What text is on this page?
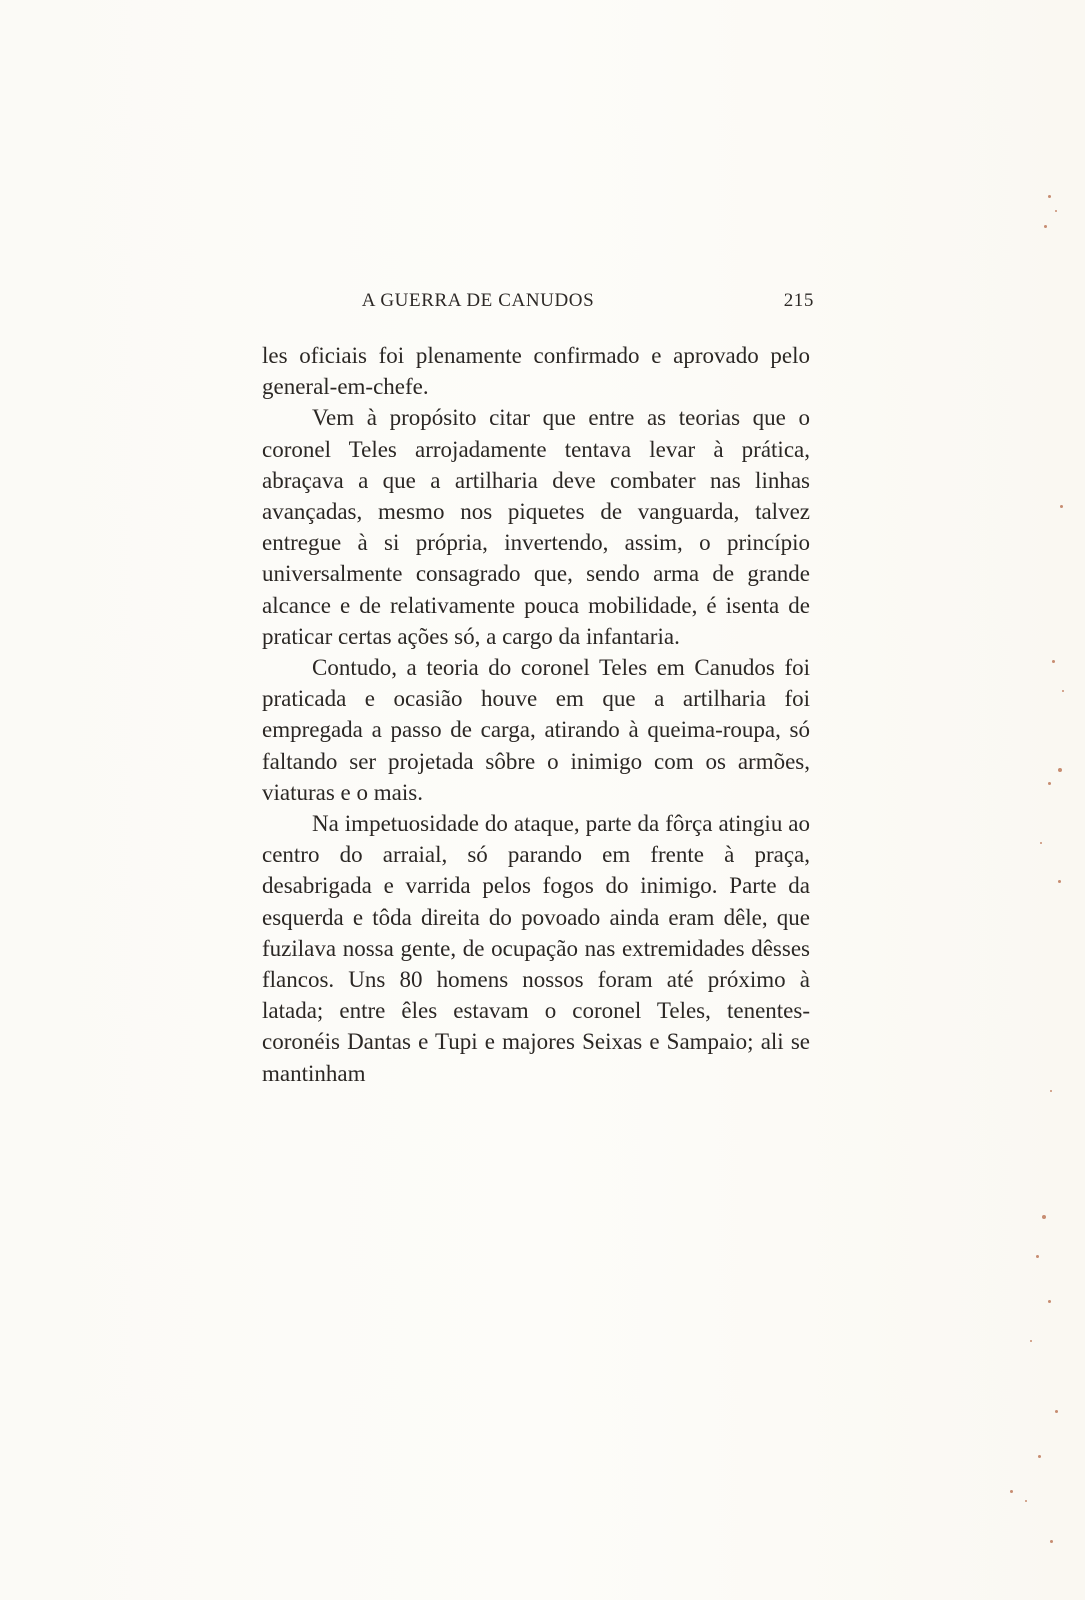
A GUERRA DE CANUDOS	215

les oficiais foi plenamente confirmado e aprovado pelo general-em-chefe.

Vem à propósito citar que entre as teorias que o coronel Teles arrojadamente tentava levar à prática, abraçava a que a artilharia deve combater nas linhas avançadas, mesmo nos piquetes de vanguarda, talvez entregue à si própria, invertendo, assim, o princípio universalmente consagrado que, sendo arma de grande alcance e de relativamente pouca mobilidade, é isenta de praticar certas ações só, a cargo da infantaria.

Contudo, a teoria do coronel Teles em Canudos foi praticada e ocasião houve em que a artilharia foi empregada a passo de carga, atirando à queima-roupa, só faltando ser projetada sôbre o inimigo com os armões, viaturas e o mais.

Na impetuosidade do ataque, parte da fôrça atingiu ao centro do arraial, só parando em frente à praça, desabrigada e varrida pelos fogos do inimigo. Parte da esquerda e tôda direita do povoado ainda eram dêle, que fuzilava nossa gente, de ocupação nas extremidades dêsses flancos. Uns 80 homens nossos foram até próximo à latada; entre êles estavam o coronel Teles, tenentes-coronéis Dantas e Tupi e majores Seixas e Sampaio; ali se mantinham
